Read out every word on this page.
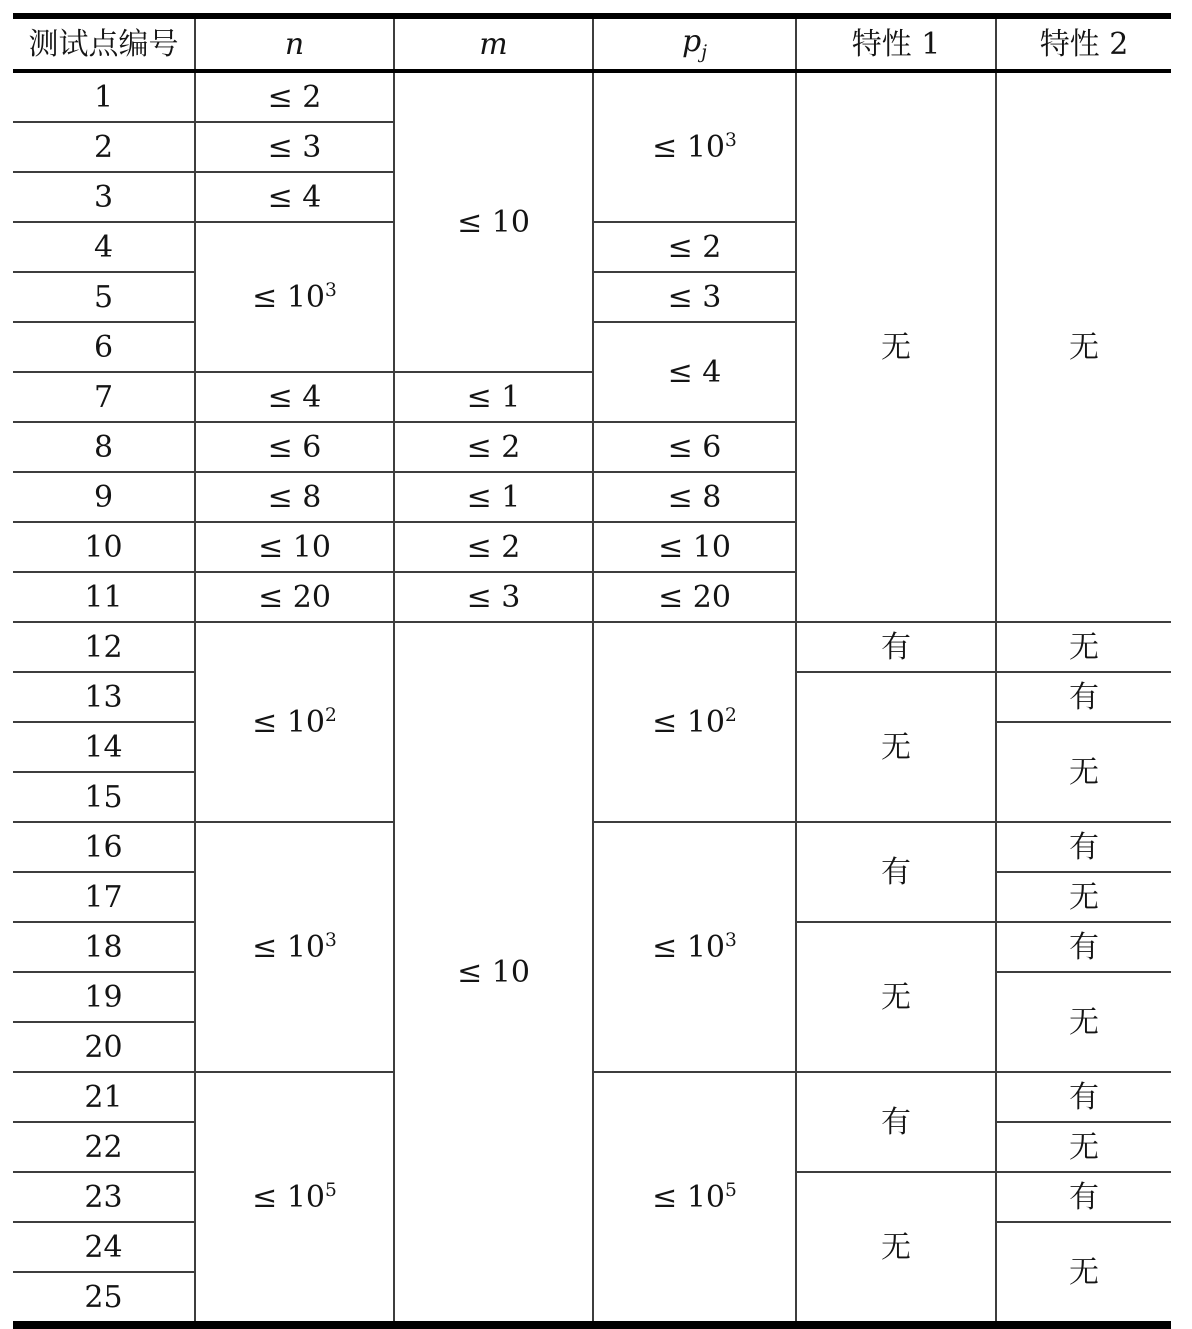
测试点编号	n	m	$p_j$	特性 1	特性 2
1	≤ 2	≤ 10	≤ $10^3$	无	无
2	≤ 3				
3	≤ 4				
4	≤ $10^3$		≤ 2		
5			≤ 3		
6			≤ 4		
7	≤ 4	≤ 1			
8	≤ 6	≤ 2	≤ 6		
9	≤ 8	≤ 1	≤ 8		
10	≤ 10	≤ 2	≤ 10		
11	≤ 20	≤ 3	≤ 20		
12	≤ $10^2$	≤ 10	≤ $10^2$	有	无
13				无	有
14					无
15					
16	≤ $10^3$		≤ $10^3$	有	有
17					无
18				无	有
19					无
20					
21	≤ $10^5$		≤ $10^5$	有	有
22					无
23				无	有
24					无
25					
